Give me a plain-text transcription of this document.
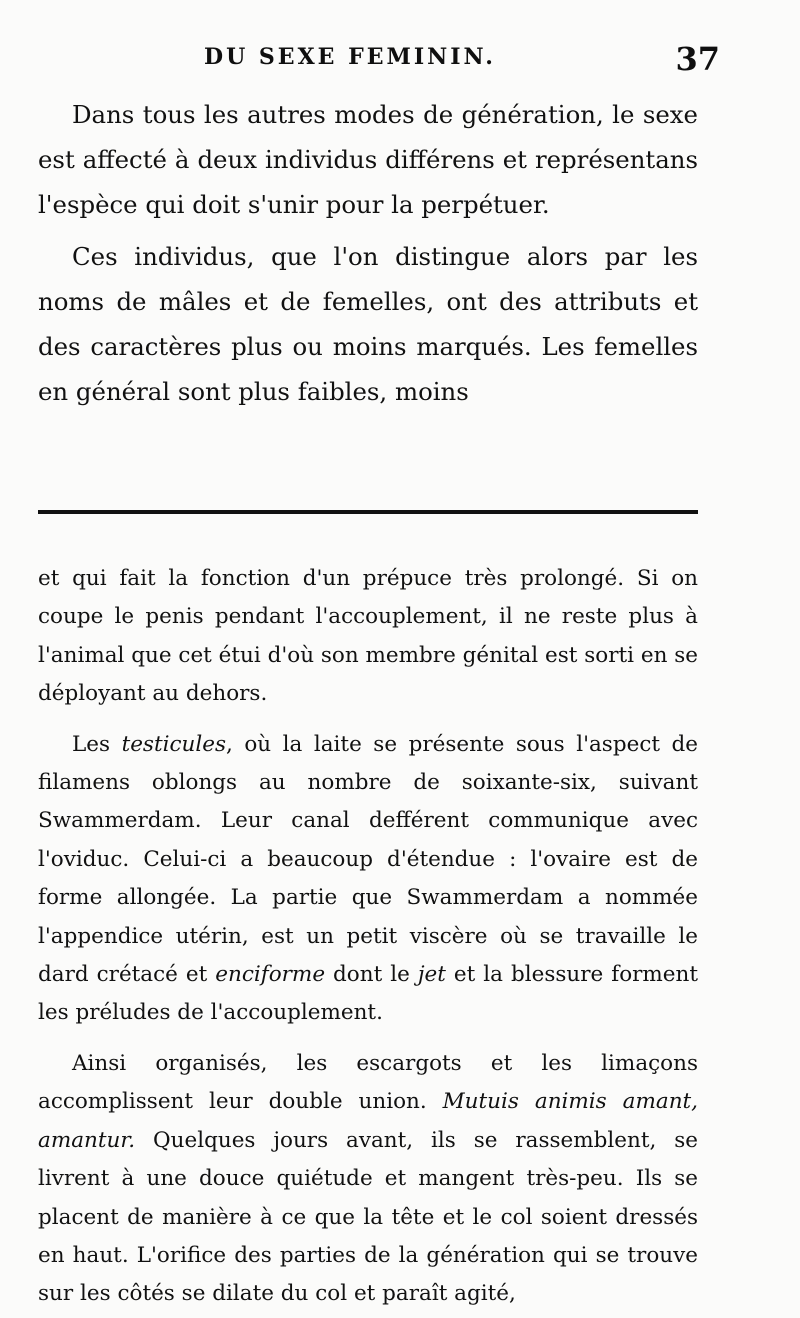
DU SEXE FEMININ.	37

Dans tous les autres modes de génération, le sexe est affecté à deux individus différens et représentans l'espèce qui doit s'unir pour la perpétuer.

Ces individus, que l'on distingue alors par les noms de mâles et de femelles, ont des attributs et des caractères plus ou moins marqués. Les femelles en général sont plus faibles, moins

et qui fait la fonction d'un prépuce très prolongé. Si on coupe le penis pendant l'accouplement, il ne reste plus à l'animal que cet étui d'où son membre génital est sorti en se déployant au dehors.

Les testicules, où la laite se présente sous l'aspect de filamens oblongs au nombre de soixante-six, suivant Swammerdam. Leur canal defférent communique avec l'oviduc. Celui-ci a beaucoup d'étendue : l'ovaire est de forme allongée. La partie que Swammerdam a nommée l'appendice utérin, est un petit viscère où se travaille le dard crétacé et enciforme dont le jet et la blessure forment les préludes de l'accouplement.

Ainsi organisés, les escargots et les limaçons accomplissent leur double union. Mutuis animis amant, amantur. Quelques jours avant, ils se rassemblent, se livrent à une douce quiétude et mangent très-peu. Ils se placent de manière à ce que la tête et le col soient dressés en haut. L'orifice des parties de la génération qui se trouve sur les côtés se dilate du col et paraît agité,
